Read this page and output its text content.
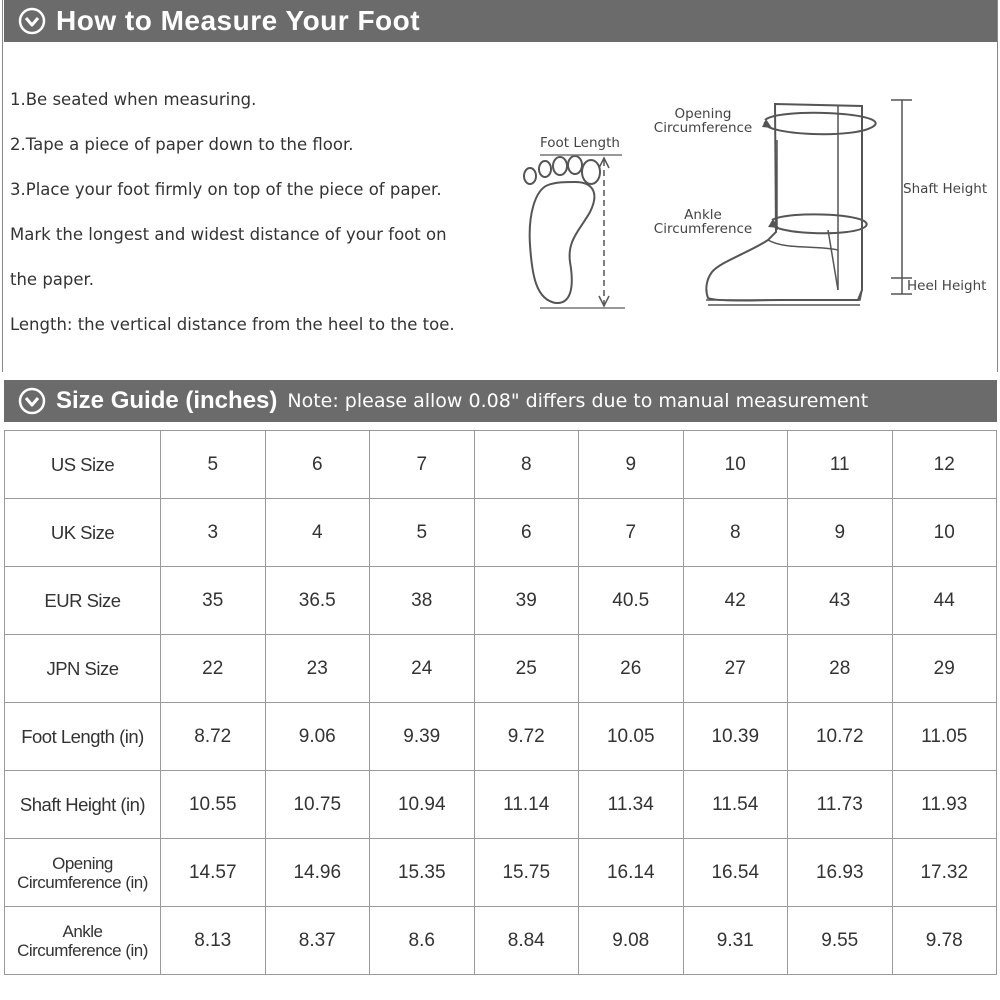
How to Measure Your Foot
1.Be seated when measuring.
2.Tape a piece of paper down to the floor.
3.Place your foot firmly on top of the piece of paper.
Mark the longest and widest distance of your foot on
the paper.
Length: the vertical distance from the heel to the toe.
Foot Length
Opening
Circumference
Ankle
Circumference
Shaft Height
Heel Height
Size Guide (inches) Note: please allow 0.08" differs due to manual measurement
US Size	5	6	7	8	9	10	11	12

UK Size	3	4	5	6	7	8	9	10

EUR Size	35	36.5	38	39	40.5	42	43	44

JPN Size	22	23	24	25	26	27	28	29

Foot Length (in)	8.72	9.06	9.39	9.72	10.05	10.39	10.72	11.05

Shaft Height (in)	10.55	10.75	10.94	11.14	11.34	11.54	11.73	11.93

Opening
Circumference (in)	14.57	14.96	15.35	15.75	16.14	16.54	16.93	17.32

Ankle
Circumference (in)	8.13	8.37	8.6	8.84	9.08	9.31	9.55	9.78
